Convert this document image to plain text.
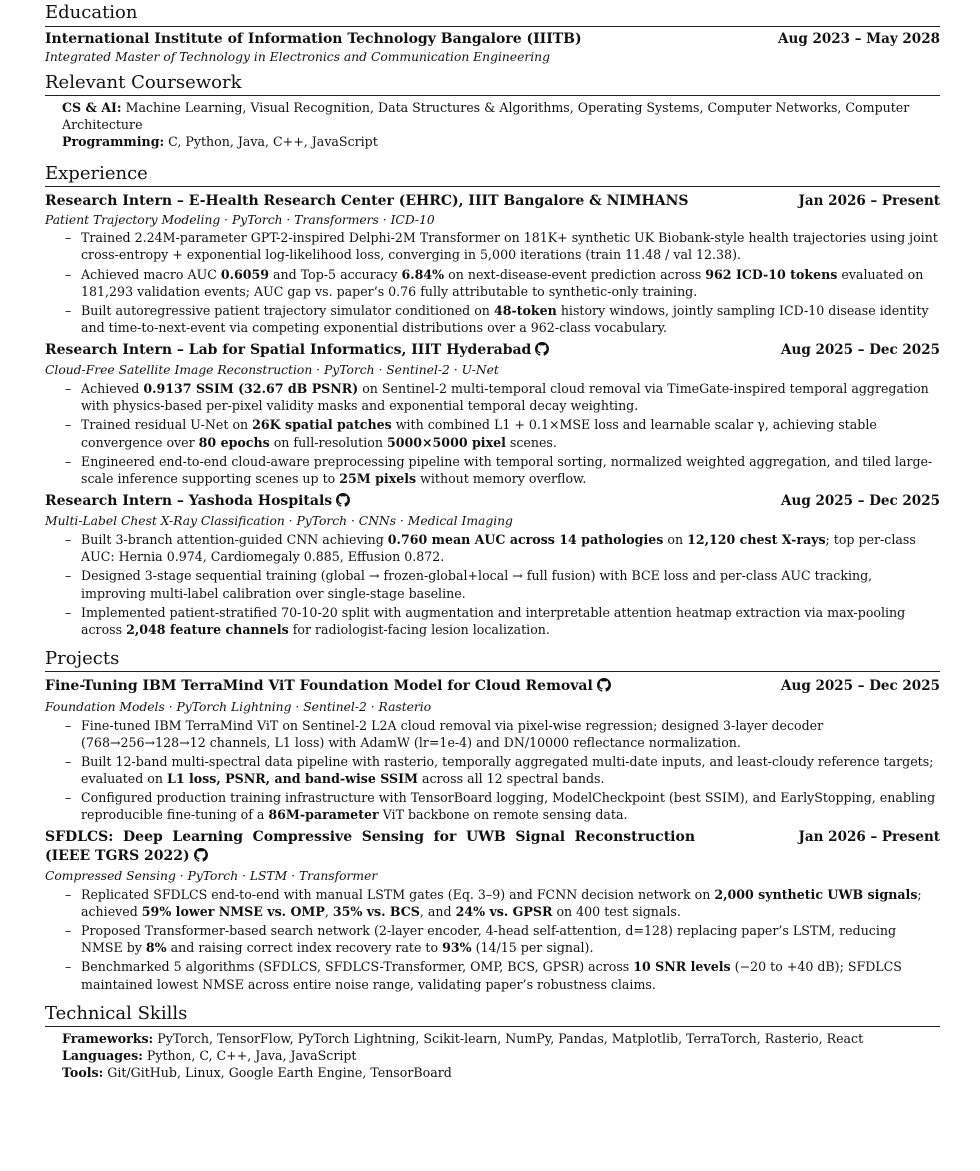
Education
International Institute of Information Technology Bangalore (IIITB)	Aug 2023 – May 2028
Integrated Master of Technology in Electronics and Communication Engineering
Relevant Coursework
CS & AI: Machine Learning, Visual Recognition, Data Structures & Algorithms, Operating Systems, Computer Networks, Computer Architecture
Programming: C, Python, Java, C++, JavaScript
Experience
Research Intern – E-Health Research Center (EHRC), IIIT Bangalore & NIMHANS	Jan 2026 – Present
Patient Trajectory Modeling · PyTorch · Transformers · ICD-10
– Trained 2.24M-parameter GPT-2-inspired Delphi-2M Transformer on 181K+ synthetic UK Biobank-style health trajectories using joint cross-entropy + exponential log-likelihood loss, converging in 5,000 iterations (train 11.48 / val 12.38).
– Achieved macro AUC 0.6059 and Top-5 accuracy 6.84% on next-disease-event prediction across 962 ICD-10 tokens evaluated on 181,293 validation events; AUC gap vs. paper’s 0.76 fully attributable to synthetic-only training.
– Built autoregressive patient trajectory simulator conditioned on 48-token history windows, jointly sampling ICD-10 disease identity and time-to-next-event via competing exponential distributions over a 962-class vocabulary.
Research Intern – Lab for Spatial Informatics, IIIT Hyderabad	Aug 2025 – Dec 2025
Cloud-Free Satellite Image Reconstruction · PyTorch · Sentinel-2 · U-Net
– Achieved 0.9137 SSIM (32.67 dB PSNR) on Sentinel-2 multi-temporal cloud removal via TimeGate-inspired temporal aggregation with physics-based per-pixel validity masks and exponential temporal decay weighting.
– Trained residual U-Net on 26K spatial patches with combined L1 + 0.1×MSE loss and learnable scalar γ, achieving stable convergence over 80 epochs on full-resolution 5000×5000 pixel scenes.
– Engineered end-to-end cloud-aware preprocessing pipeline with temporal sorting, normalized weighted aggregation, and tiled large-scale inference supporting scenes up to 25M pixels without memory overflow.
Research Intern – Yashoda Hospitals	Aug 2025 – Dec 2025
Multi-Label Chest X-Ray Classification · PyTorch · CNNs · Medical Imaging
– Built 3-branch attention-guided CNN achieving 0.760 mean AUC across 14 pathologies on 12,120 chest X-rays; top per-class AUC: Hernia 0.974, Cardiomegaly 0.885, Effusion 0.872.
– Designed 3-stage sequential training (global → frozen-global+local → full fusion) with BCE loss and per-class AUC tracking, improving multi-label calibration over single-stage baseline.
– Implemented patient-stratified 70-10-20 split with augmentation and interpretable attention heatmap extraction via max-pooling across 2,048 feature channels for radiologist-facing lesion localization.
Projects
Fine-Tuning IBM TerraMind ViT Foundation Model for Cloud Removal	Aug 2025 – Dec 2025
Foundation Models · PyTorch Lightning · Sentinel-2 · Rasterio
– Fine-tuned IBM TerraMind ViT on Sentinel-2 L2A cloud removal via pixel-wise regression; designed 3-layer decoder (768→256→128→12 channels, L1 loss) with AdamW (lr=1e-4) and DN/10000 reflectance normalization.
– Built 12-band multi-spectral data pipeline with rasterio, temporally aggregated multi-date inputs, and least-cloudy reference targets; evaluated on L1 loss, PSNR, and band-wise SSIM across all 12 spectral bands.
– Configured production training infrastructure with TensorBoard logging, ModelCheckpoint (best SSIM), and EarlyStopping, enabling reproducible fine-tuning of a 86M-parameter ViT backbone on remote sensing data.
SFDLCS: Deep Learning Compressive Sensing for UWB Signal Reconstruction (IEEE TGRS 2022)
Jan 2026 – Present
Compressed Sensing · PyTorch · LSTM · Transformer
– Replicated SFDLCS end-to-end with manual LSTM gates (Eq. 3–9) and FCNN decision network on 2,000 synthetic UWB signals; achieved 59% lower NMSE vs. OMP, 35% vs. BCS, and 24% vs. GPSR on 400 test signals.
– Proposed Transformer-based search network (2-layer encoder, 4-head self-attention, d=128) replacing paper’s LSTM, reducing NMSE by 8% and raising correct index recovery rate to 93% (14/15 per signal).
– Benchmarked 5 algorithms (SFDLCS, SFDLCS-Transformer, OMP, BCS, GPSR) across 10 SNR levels (−20 to +40 dB); SFDLCS maintained lowest NMSE across entire noise range, validating paper’s robustness claims.
Technical Skills
Frameworks: PyTorch, TensorFlow, PyTorch Lightning, Scikit-learn, NumPy, Pandas, Matplotlib, TerraTorch, Rasterio, React
Languages: Python, C, C++, Java, JavaScript
Tools: Git/GitHub, Linux, Google Earth Engine, TensorBoard
